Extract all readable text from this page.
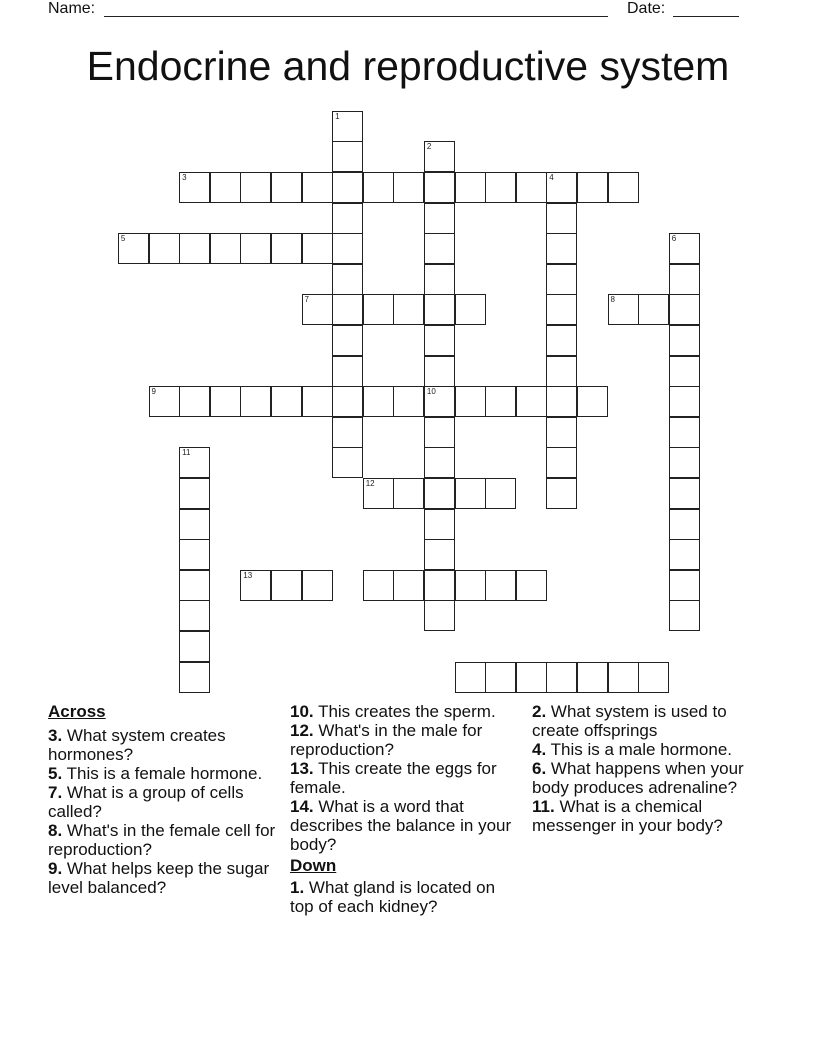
Name:	Date:
Endocrine and reproductive system
1
2
10
4
6
11
3
5
7	8
9
12
13
Across
3. What system creates hormones?
5. This is a female hormone.
7. What is a group of cells called?
8. What's in the female cell for reproduction?
9. What helps keep the sugar level balanced?
10. This creates the sperm.
12. What's in the male for reproduction?
13. This create the eggs for female.
14. What is a word that describes the balance in your body?
Down
1. What gland is located on top of each kidney?
2. What system is used to create offsprings
4. This is a male hormone.
6. What happens when your body produces adrenaline?
11. What is a chemical messenger in your body?
